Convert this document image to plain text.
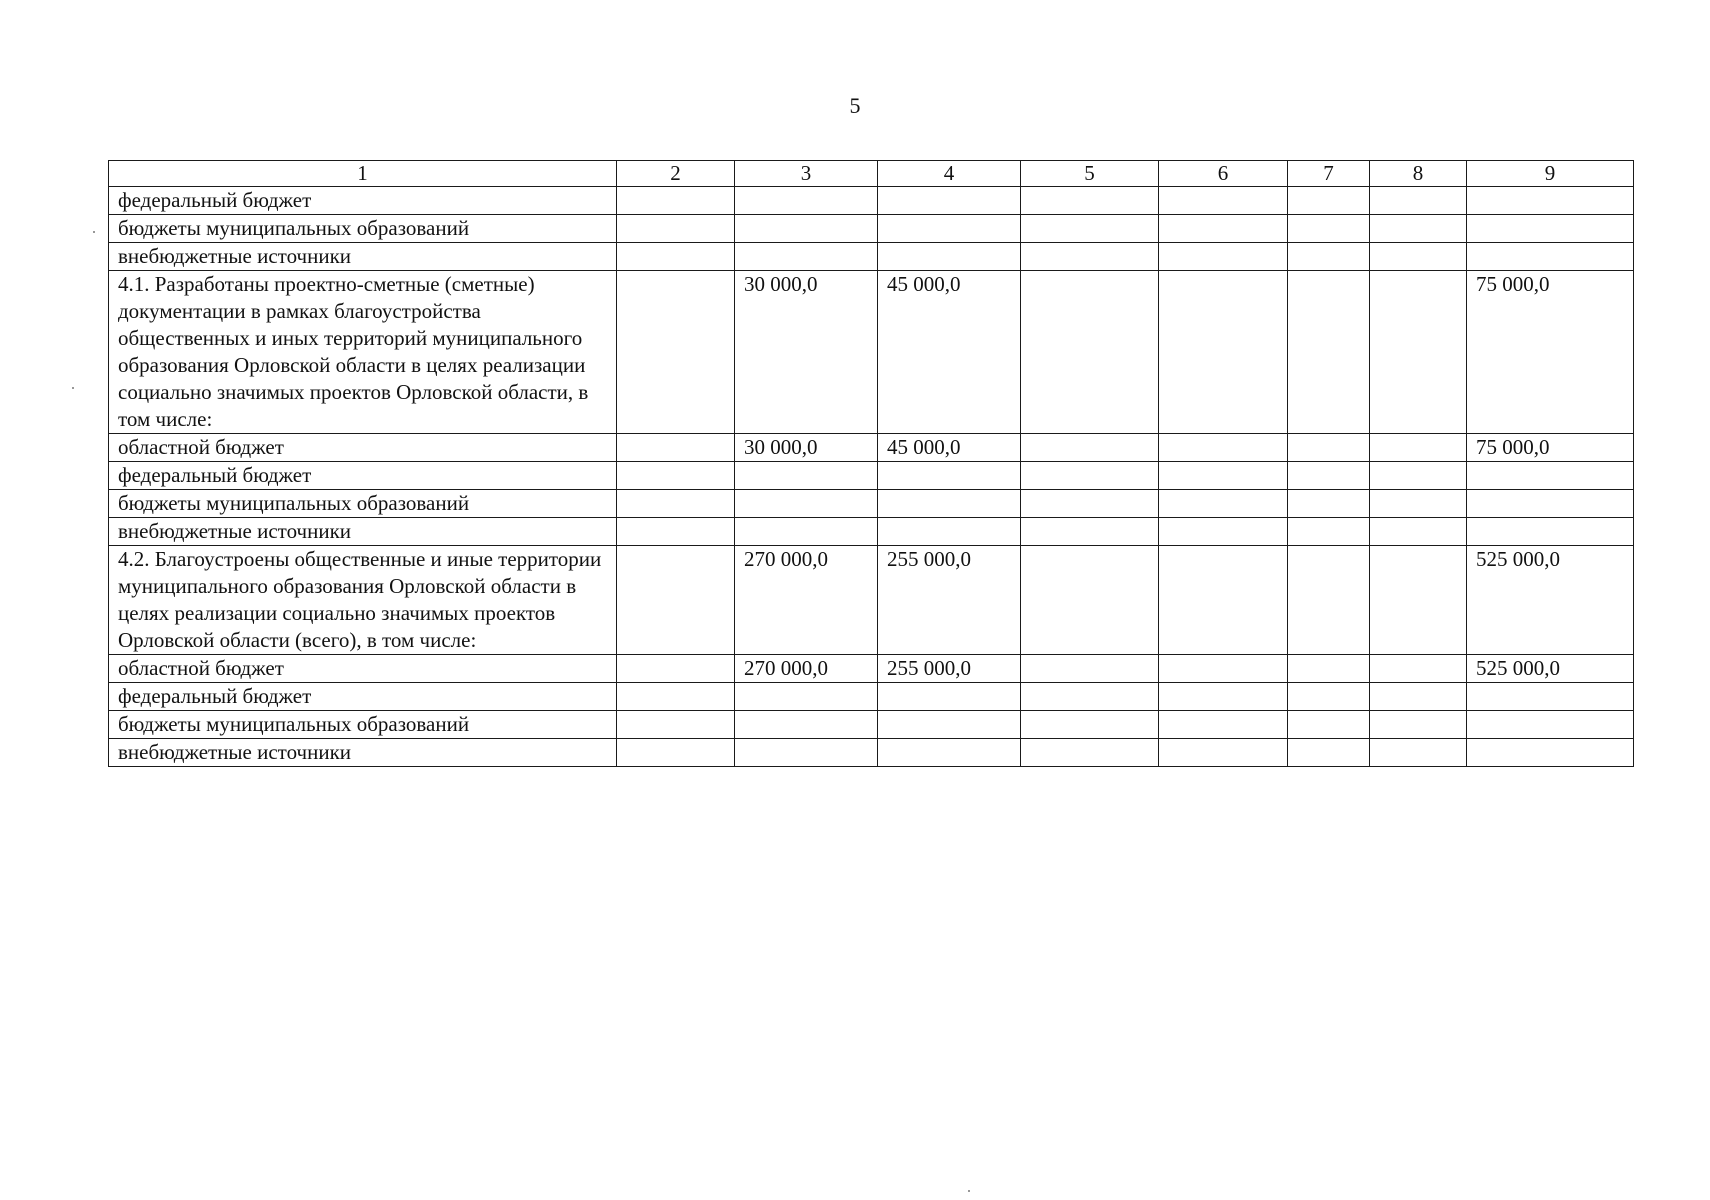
5
1	2	3	4	5	6	7	8	9
федеральный бюджет								
бюджеты муниципальных образований								
внебюджетные источники								
4.1. Разработаны проектно-сметные (сметные) документации в рамках благоустройства общественных и иных территорий муниципального образования Орловской области в целях реализации социально значимых проектов Орловской области, в том числе:		30 000,0	45 000,0					75 000,0
областной бюджет		30 000,0	45 000,0					75 000,0
федеральный бюджет								
бюджеты муниципальных образований								
внебюджетные источники								
4.2. Благоустроены общественные и иные территории муниципального образования Орловской области в целях реализации социально значимых проектов Орловской области (всего), в том числе:		270 000,0	255 000,0					525 000,0
областной бюджет		270 000,0	255 000,0					525 000,0
федеральный бюджет								
бюджеты муниципальных образований								
внебюджетные источники								
